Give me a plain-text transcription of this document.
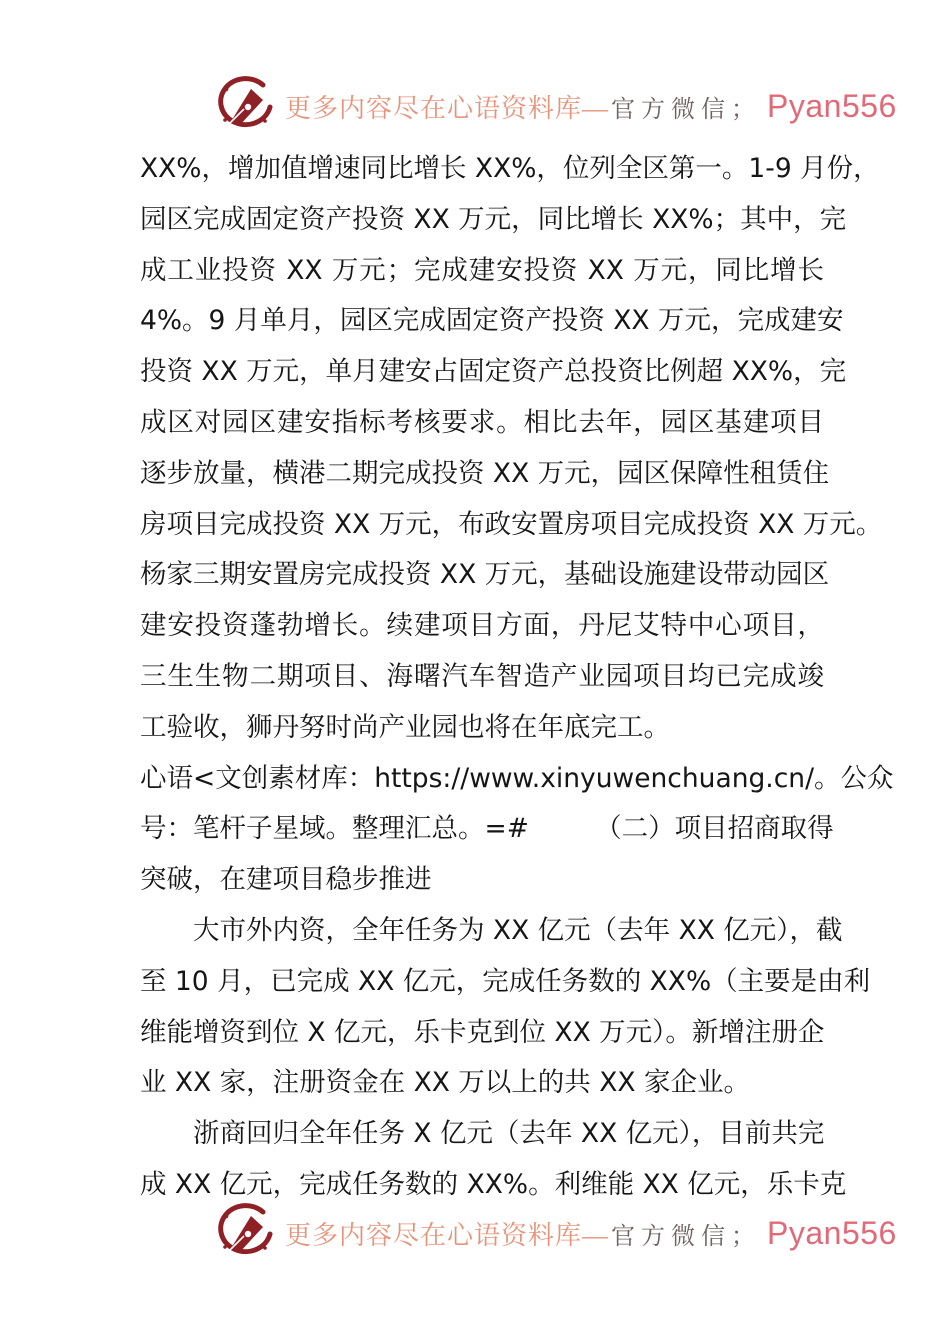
更多内容尽在心语资料库— 官方微信； Pyan556
XX%，增加值增速同比增长 XX%，位列全区第一。1-9 月份，
园区完成固定资产投资 XX 万元，同比增长 XX%；其中，完
成工业投资 XX 万元；完成建安投资 XX 万元，同比增长
4%。9 月单月，园区完成固定资产投资 XX 万元，完成建安
投资 XX 万元，单月建安占固定资产总投资比例超 XX%，完
成区对园区建安指标考核要求。相比去年，园区基建项目
逐步放量，横港二期完成投资 XX 万元，园区保障性租赁住
房项目完成投资 XX 万元，布政安置房项目完成投资 XX 万元。
杨家三期安置房完成投资 XX 万元，基础设施建设带动园区
建安投资蓬勃增长。续建项目方面，丹尼艾特中心项目，
三生生物二期项目、海曙汽车智造产业园项目均已完成竣
工验收，狮丹努时尚产业园也将在年底完工。
心语<文创素材库：https://www.xinyuwenchuang.cn/。公众
号：笔杆子星域。整理汇总。=#　　　（二）项目招商取得
突破，在建项目稳步推进
　　大市外内资，全年任务为 XX 亿元（去年 XX 亿元），截
至 10 月，已完成 XX 亿元，完成任务数的 XX%（主要是由利
维能增资到位 X 亿元，乐卡克到位 XX 万元）。新增注册企
业 XX 家，注册资金在 XX 万以上的共 XX 家企业。
　　浙商回归全年任务 X 亿元（去年 XX 亿元），目前共完
成 XX 亿元，完成任务数的 XX%。利维能 XX 亿元，乐卡克
更多内容尽在心语资料库— 官方微信； Pyan556
